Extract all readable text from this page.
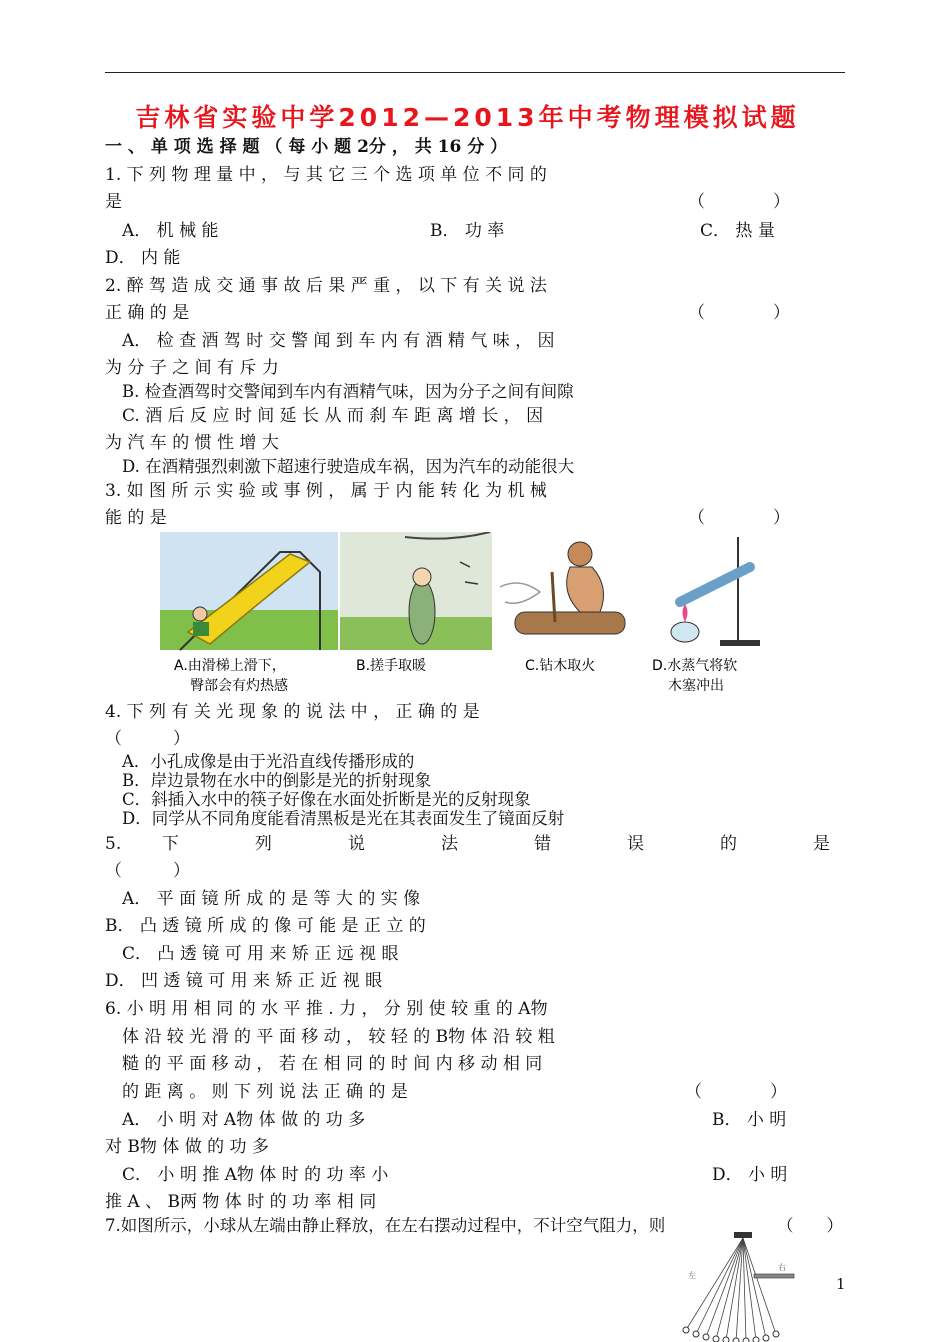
吉林省实验中学2012—2013年中考物理模拟试题
一 、 单 项 选 择 题 （ 每 小 题 2分 ， 共 16 分 ）
1. 下 列 物 理 量 中 ， 与 其 它 三 个 选 项 单 位 不 同 的
是	（　　　　）
A． 机 械 能	B． 功 率	C． 热 量
D． 内 能
2. 醉 驾 造 成 交 通 事 故 后 果 严 重 ， 以 下 有 关 说 法
正 确 的 是	（　　　　）
A． 检 查 酒 驾 时 交 警 闻 到 车 内 有 酒 精 气 味 ， 因
为 分 子 之 间 有 斥 力
B. 检查酒驾时交警闻到车内有酒精气味，因为分子之间有间隙
C. 酒 后 反 应 时 间 延 长 从 而 刹 车 距 离 增 长 ， 因
为 汽 车 的 惯 性 增 大
D. 在酒精强烈刺激下超速行驶造成车祸，因为汽车的动能很大
3. 如 图 所 示 实 验 或 事 例 ， 属 于 内 能 转 化 为 机 械
能 的 是	（　　　　）
A.由滑梯上滑下，
臀部会有灼热感
B.搓手取暖	C.钻木取火	D.水蒸气将软
木塞冲出
4. 下 列 有 关 光 现 象 的 说 法 中 ， 正 确 的 是
（　　　）
A．小孔成像是由于光沿直线传播形成的
B．岸边景物在水中的倒影是光的折射现象
C．斜插入水中的筷子好像在水面处折断是光的反射现象
D．同学从不同角度能看清黑板是光在其表面发生了镜面反射
5. 下 列 说 法 错 误 的 是
（　　　）
A． 平 面 镜 所 成 的 是 等 大 的 实 像
B． 凸 透 镜 所 成 的 像 可 能 是 正 立 的
C． 凸 透 镜 可 用 来 矫 正 远 视 眼
D． 凹 透 镜 可 用 来 矫 正 近 视 眼
6. 小 明 用 相 同 的 水 平 推 . 力 ， 分 别 使 较 重 的 A物
体 沿 较 光 滑 的 平 面 移 动 ， 较 轻 的 B物 体 沿 较 粗
糙 的 平 面 移 动 ， 若 在 相 同 的 时 间 内 移 动 相 同
的 距 离 。 则 下 列 说 法 正 确 的 是	（　　　　）
A． 小 明 对 A物 体 做 的 功 多	B． 小 明
对 B物 体 做 的 功 多
C． 小 明 推 A物 体 时 的 功 率 小	D． 小 明
推 A 、 B两 物 体 时 的 功 率 相 同
7.如图所示，小球从左端由静止释放，在左右摆动过程中，不计空气阻力，则	（　　）
左
右
1
